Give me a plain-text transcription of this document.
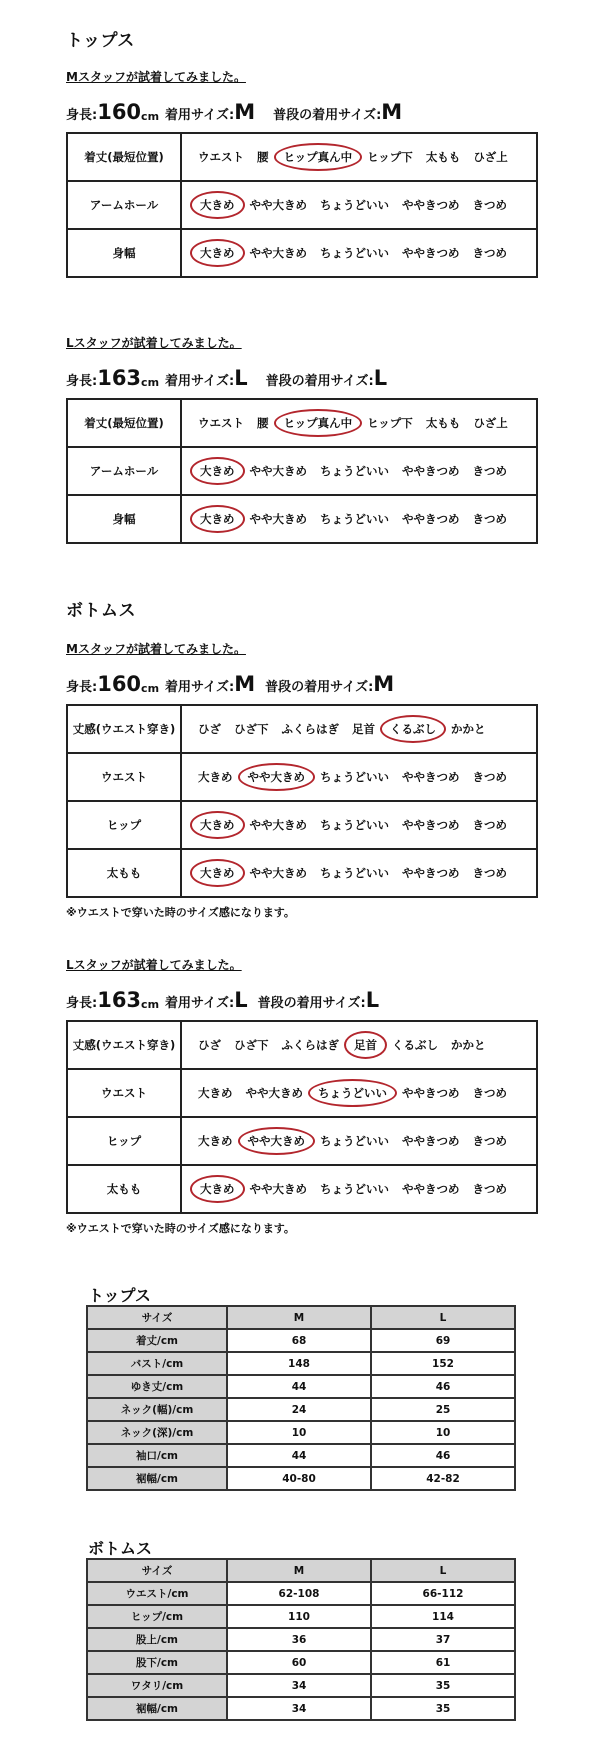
トップス
Mスタッフが試着してみました。
身長: 160 cm 着用サイズ: M 普段の着用サイズ: M
着丈(最短位置)	ウエスト 腰 ヒップ真ん中 ヒップ下 太もも ひざ上
アームホール	大きめ やや大きめ ちょうどいい ややきつめ きつめ
身幅	大きめ やや大きめ ちょうどいい ややきつめ きつめ
Lスタッフが試着してみました。
身長: 163 cm 着用サイズ: L 普段の着用サイズ: L
着丈(最短位置)	ウエスト 腰 ヒップ真ん中 ヒップ下 太もも ひざ上
アームホール	大きめ やや大きめ ちょうどいい ややきつめ きつめ
身幅	大きめ やや大きめ ちょうどいい ややきつめ きつめ
ボトムス
Mスタッフが試着してみました。
身長: 160 cm 着用サイズ: M 普段の着用サイズ: M
丈感(ウエスト穿き)	ひざ ひざ下 ふくらはぎ 足首 くるぶし かかと
ウエスト	大きめ やや大きめ ちょうどいい ややきつめ きつめ
ヒップ	大きめ やや大きめ ちょうどいい ややきつめ きつめ
太もも	大きめ やや大きめ ちょうどいい ややきつめ きつめ
※ウエストで穿いた時のサイズ感になります。
Lスタッフが試着してみました。
身長: 163 cm 着用サイズ: L 普段の着用サイズ: L
丈感(ウエスト穿き)	ひざ ひざ下 ふくらはぎ 足首 くるぶし かかと
ウエスト	大きめ やや大きめ ちょうどいい ややきつめ きつめ
ヒップ	大きめ やや大きめ ちょうどいい ややきつめ きつめ
太もも	大きめ やや大きめ ちょうどいい ややきつめ きつめ
※ウエストで穿いた時のサイズ感になります。
トップス
サイズ	M	L
着丈/cm	68	69
バスト/cm	148	152
ゆき丈/cm	44	46
ネック(幅)/cm	24	25
ネック(深)/cm	10	10
袖口/cm	44	46
裾幅/cm	40-80	42-82
ボトムス
サイズ	M	L
ウエスト/cm	62-108	66-112
ヒップ/cm	110	114
股上/cm	36	37
股下/cm	60	61
ワタリ/cm	34	35
裾幅/cm	34	35
